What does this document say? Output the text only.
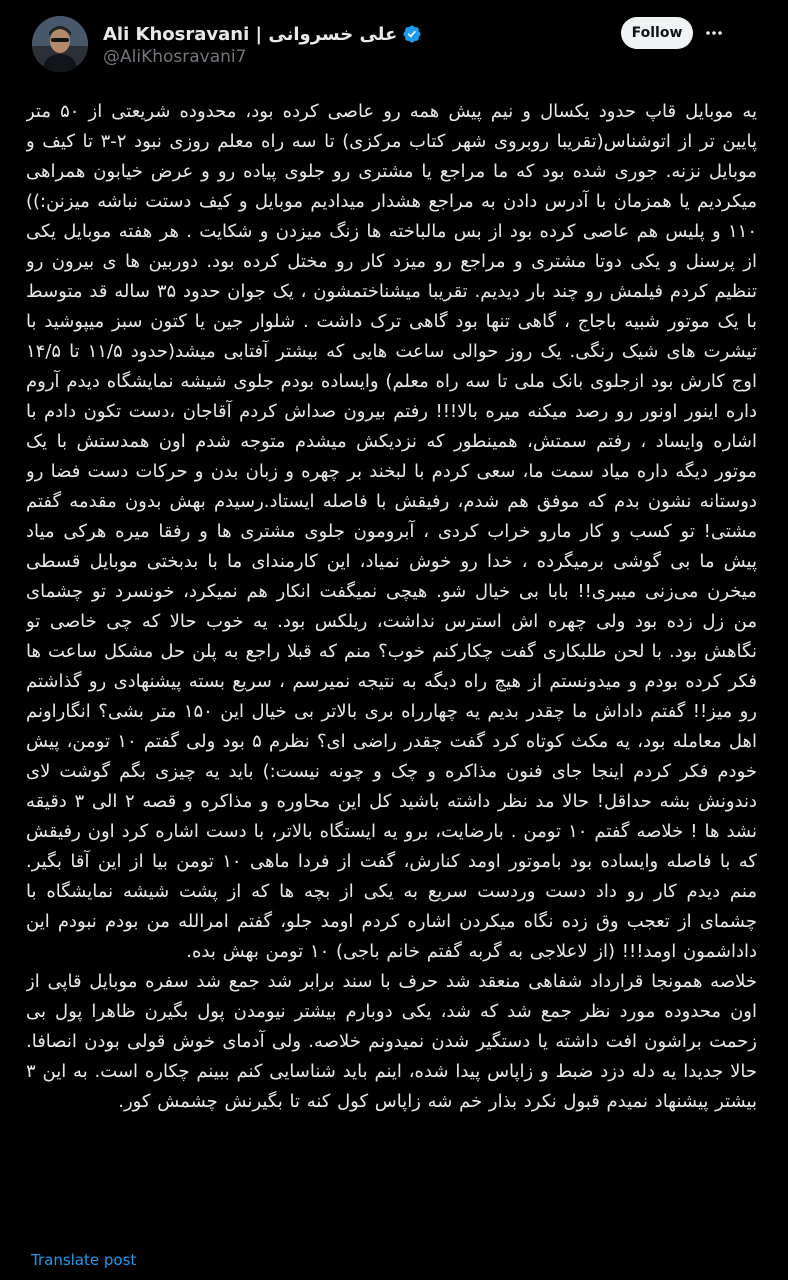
Ali Khosravani | علی خسروانی
@AliKhosravani7
Follow

یه موبایل قاپ حدود یکسال و نیم پیش همه رو عاصی کرده بود، محدوده شریعتی از ۵۰ متر پایین تر از اتوشناس(تقریبا روبروی شهر کتاب مرکزی) تا سه راه معلم روزی نبود ۲-۳ تا کیف و موبایل نزنه. جوری شده بود که ما مراجع یا مشتری رو جلوی پیاده رو و عرض خیابون همراهی میکردیم یا همزمان با آدرس دادن به مراجع هشدار میدادیم موبایل و کیف دستت نباشه میزنن:)) ۱۱۰ و پلیس هم عاصی کرده بود از بس مالباخته ها زنگ میزدن و شکایت . هر هفته موبایل یکی از پرسنل و یکی دوتا مشتری و مراجع رو میزد کار رو مختل کرده بود. دوربین ها ی بیرون رو تنظیم کردم فیلمش رو چند بار دیدیم. تقریبا میشناختمشون ، یک جوان حدود ۳۵ ساله قد متوسط با یک موتور شبیه باجاج ، گاهی تنها بود گاهی ترک داشت . شلوار جین یا کتون سبز میپوشید با تیشرت های شیک رنگی. یک روز حوالی ساعت هایی که بیشتر آفتابی میشد(حدود ۱۱/۵ تا ۱۴/۵ اوج کارش بود ازجلوی بانک ملی تا سه راه معلم) وایساده بودم جلوی شیشه نمایشگاه دیدم آروم داره اینور اونور رو رصد میکنه میره بالا!!! رفتم بیرون صداش کردم آقاجان ،دست تکون دادم با اشاره وایساد ، رفتم سمتش، همینطور که نزدیکش میشدم متوجه شدم اون همدستش با یک موتور دیگه داره میاد سمت ما، سعی کردم با لبخند بر چهره و زبان بدن و حرکات دست فضا رو دوستانه نشون بدم که موفق هم شدم، رفیقش با فاصله ایستاد.رسیدم بهش بدون مقدمه گفتم مشتی! تو کسب و کار مارو خراب کردی ، آبرومون جلوی مشتری ها و رفقا میره هرکی میاد پیش ما بی گوشی برمیگرده ، خدا رو خوش نمیاد، این کارمندای ما با بدبختی موبایل قسطی میخرن می‌زنی میبری!! بابا بی خیال شو. هیچی نمیگفت انکار هم نمیکرد، خونسرد تو چشمای من زل زده بود ولی چهره اش استرس نداشت، ریلکس بود. یه خوب حالا که چی خاصی تو نگاهش بود. با لحن طلبکاری گفت چکارکنم خوب؟ منم که قبلا راجع به پلن حل مشکل ساعت ها فکر کرده بودم و میدونستم از هیچ راه دیگه به نتیجه نمیرسم ، سریع بسته پیشنهادی رو گذاشتم رو میز!! گفتم داداش ما چقدر بدیم یه چهارراه بری بالاتر بی خیال این ۱۵۰ متر بشی؟ انگاراونم اهل معامله بود، یه مکث کوتاه کرد گفت چقدر راضی ای؟ نظرم ۵ بود ولی گفتم ۱۰ تومن، پیش خودم فکر کردم اینجا جای فنون مذاکره و چک و چونه نیست:) باید یه چیزی بگم گوشت لای دندونش بشه حداقل! حالا مد نظر داشته باشید کل این محاوره و مذاکره و قصه ۲ الی ۳ دقیقه نشد ها ! خلاصه گفتم ۱۰ تومن . بارضایت، برو یه ایستگاه بالاتر، با دست اشاره کرد اون رفیقش که با فاصله وایساده بود باموتور اومد کنارش، گفت از فردا ماهی ۱۰ تومن بیا از این آقا بگیر. منم دیدم کار رو داد دست وردست سریع به یکی از بچه ها که از پشت شیشه نمایشگاه با چشمای از تعجب وق زده نگاه میکردن اشاره کردم اومد جلو، گفتم امرالله من بودم نبودم این داداشمون اومد!!! (از لاعلاجی به گربه گفتم خانم باجی) ۱۰ تومن بهش بده.

خلاصه همونجا قرارداد شفاهی منعقد شد حرف با سند برابر شد جمع شد سفره موبایل قاپی از اون محدوده مورد نظر جمع شد که شد، یکی دوبارم بیشتر نیومدن پول بگیرن ظاهرا پول بی زحمت براشون افت داشته یا دستگیر شدن نمیدونم خلاصه. ولی آدمای خوش قولی بودن انصافا. حالا جدیدا یه دله دزد ضبط و زاپاس پیدا شده، اینم باید شناسایی کنم ببینم چکاره است. به این ۳ بیشتر پیشنهاد نمیدم قبول نکرد بذار خم شه زاپاس کول کنه تا بگیرنش چشمش کور.

Translate post
